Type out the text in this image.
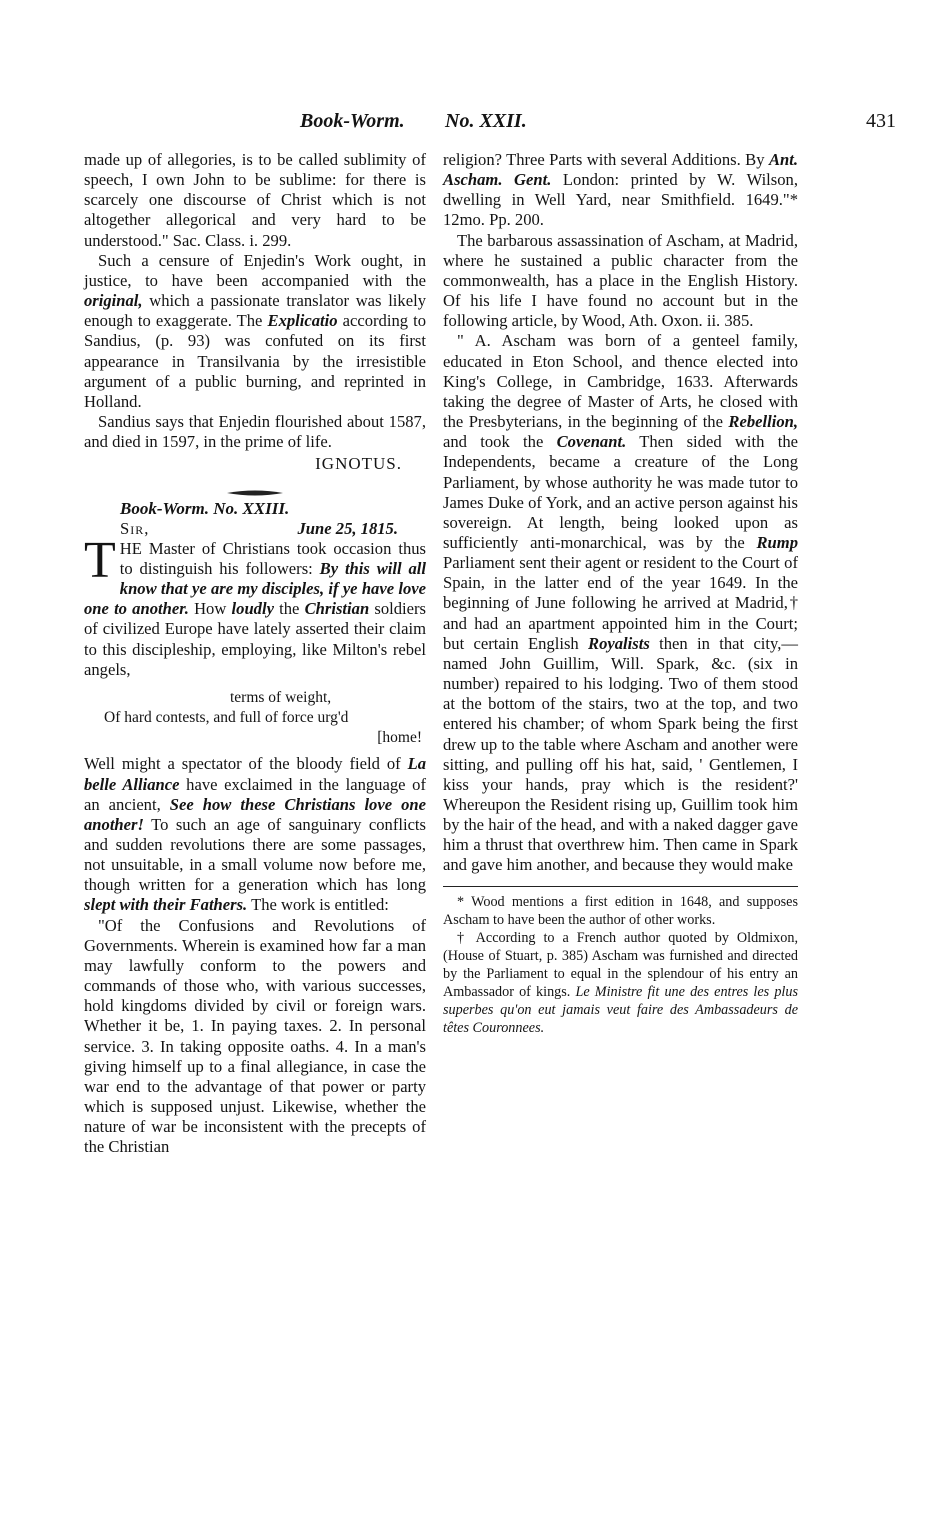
Book-Worm. No. XXII.	431

made up of allegories, is to be called sublimity of speech, I own John to be sublime: for there is scarcely one discourse of Christ which is not altogether allegorical and very hard to be understood." Sac. Class. i. 299.

Such a censure of Enjedin's Work ought, in justice, to have been accompanied with the original, which a passionate translator was likely enough to exaggerate. The Explicatio according to Sandius, (p. 93) was confuted on its first appearance in Transilvania by the irresistible argument of a public burning, and reprinted in Holland.

Sandius says that Enjedin flourished about 1587, and died in 1597, in the prime of life.

IGNOTUS.
Book-Worm. No. XXIII.
Sir,	June 25, 1815.

THE Master of Christians took occasion thus to distinguish his followers: By this will all know that ye are my disciples, if ye have love one to another. How loudly the Christian soldiers of civilized Europe have lately asserted their claim to this discipleship, employing, like Milton's rebel angels,

terms of weight,
Of hard contests, and full of force urg'd
[home!

Well might a spectator of the bloody field of La belle Alliance have exclaimed in the language of an ancient, See how these Christians love one another! To such an age of sanguinary conflicts and sudden revolutions there are some passages, not unsuitable, in a small volume now before me, though written for a generation which has long slept with their Fathers. The work is entitled:

"Of the Confusions and Revolutions of Governments. Wherein is examined how far a man may lawfully conform to the powers and commands of those who, with various successes, hold kingdoms divided by civil or foreign wars. Whether it be, 1. In paying taxes. 2. In personal service. 3. In taking opposite oaths. 4. In a man's giving himself up to a final allegiance, in case the war end to the advantage of that power or party which is supposed unjust. Likewise, whether the nature of war be inconsistent with the precepts of the Christian

religion? Three Parts with several Additions. By Ant. Ascham. Gent. London: printed by W. Wilson, dwelling in Well Yard, near Smithfield. 1649."* 12mo. Pp. 200.

The barbarous assassination of Ascham, at Madrid, where he sustained a public character from the commonwealth, has a place in the English History. Of his life I have found no account but in the following article, by Wood, Ath. Oxon. ii. 385.

" A. Ascham was born of a genteel family, educated in Eton School, and thence elected into King's College, in Cambridge, 1633. Afterwards taking the degree of Master of Arts, he closed with the Presbyterians, in the beginning of the Rebellion, and took the Covenant. Then sided with the Independents, became a creature of the Long Parliament, by whose authority he was made tutor to James Duke of York, and an active person against his sovereign. At length, being looked upon as sufficiently anti-monarchical, was by the Rump Parliament sent their agent or resident to the Court of Spain, in the latter end of the year 1649. In the beginning of June following he arrived at Madrid,† and had an apartment appointed him in the Court; but certain English Royalists then in that city,—named John Guillim, Will. Spark, &c. (six in number) repaired to his lodging. Two of them stood at the bottom of the stairs, two at the top, and two entered his chamber; of whom Spark being the first drew up to the table where Ascham and another were sitting, and pulling off his hat, said, ' Gentlemen, I kiss your hands, pray which is the resident?' Whereupon the Resident rising up, Guillim took him by the hair of the head, and with a naked dagger gave him a thrust that overthrew him. Then came in Spark and gave him another, and because they would make

* Wood mentions a first edition in 1648, and supposes Ascham to have been the author of other works.

† According to a French author quoted by Oldmixon, (House of Stuart, p. 385) Ascham was furnished and directed by the Parliament to equal in the splendour of his entry an Ambassador of kings. Le Ministre fit une des entres les plus superbes qu'on eut jamais veut faire des Ambassadeurs de têtes Couronnees.
